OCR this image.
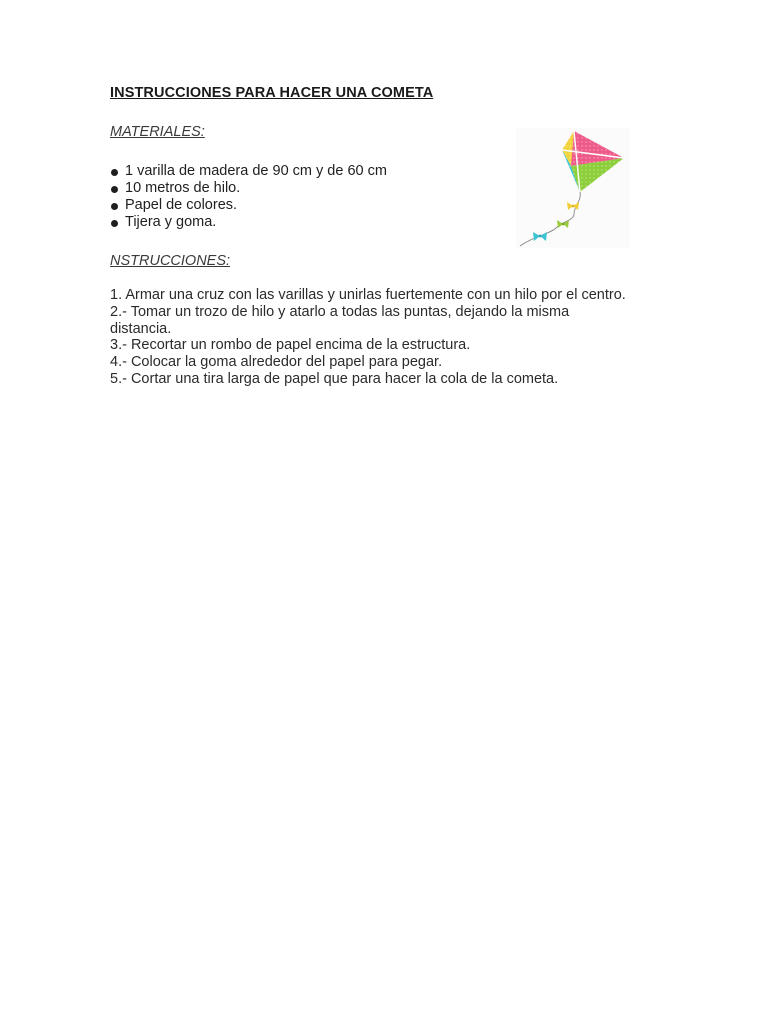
INSTRUCCIONES PARA HACER UNA COMETA
MATERIALES:
1 varilla de madera de 90 cm y de 60 cm
10 metros de hilo.
Papel de colores.
Tijera y goma.
NSTRUCCIONES:

1. Armar una cruz con las varillas y unirlas fuertemente con un hilo por el centro.

2.- Tomar un trozo de hilo y atarlo a todas las puntas, dejando la misma distancia.

3.- Recortar un rombo de papel encima de la estructura.

4.- Colocar la goma alrededor del papel para pegar.

5.- Cortar una tira larga de papel que para hacer la cola de la cometa.
